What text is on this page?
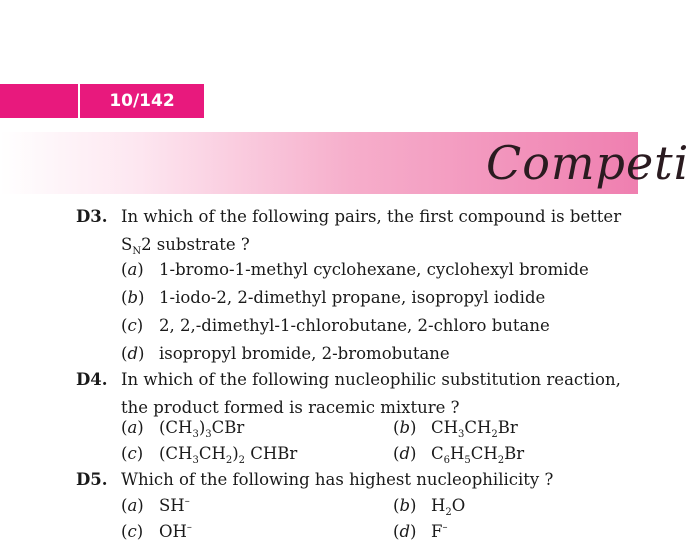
10/142
Competi
D3. In which of the following pairs, the first compound is better
$S_N2$ substrate ?
(a) 1-bromo-1-methyl cyclohexane, cyclohexyl bromide
(b) 1-iodo-2, 2-dimethyl propane, isopropyl iodide
(c) 2, 2,-dimethyl-1-chlorobutane, 2-chloro butane
(d) isopropyl bromide, 2-bromobutane
D4. In which of the following nucleophilic substitution reaction,
the product formed is racemic mixture ?
(a) $(CH_3)_3CBr$	(b) $CH_3CH_2Br$
(c) $(CH_3CH_2)_2$ CHBr	(d) $C_6H_5CH_2Br$
D5. Which of the following has highest nucleophilicity ?
(a) SH–	(b) $H_2O$
(c) OH–	(d) F–
